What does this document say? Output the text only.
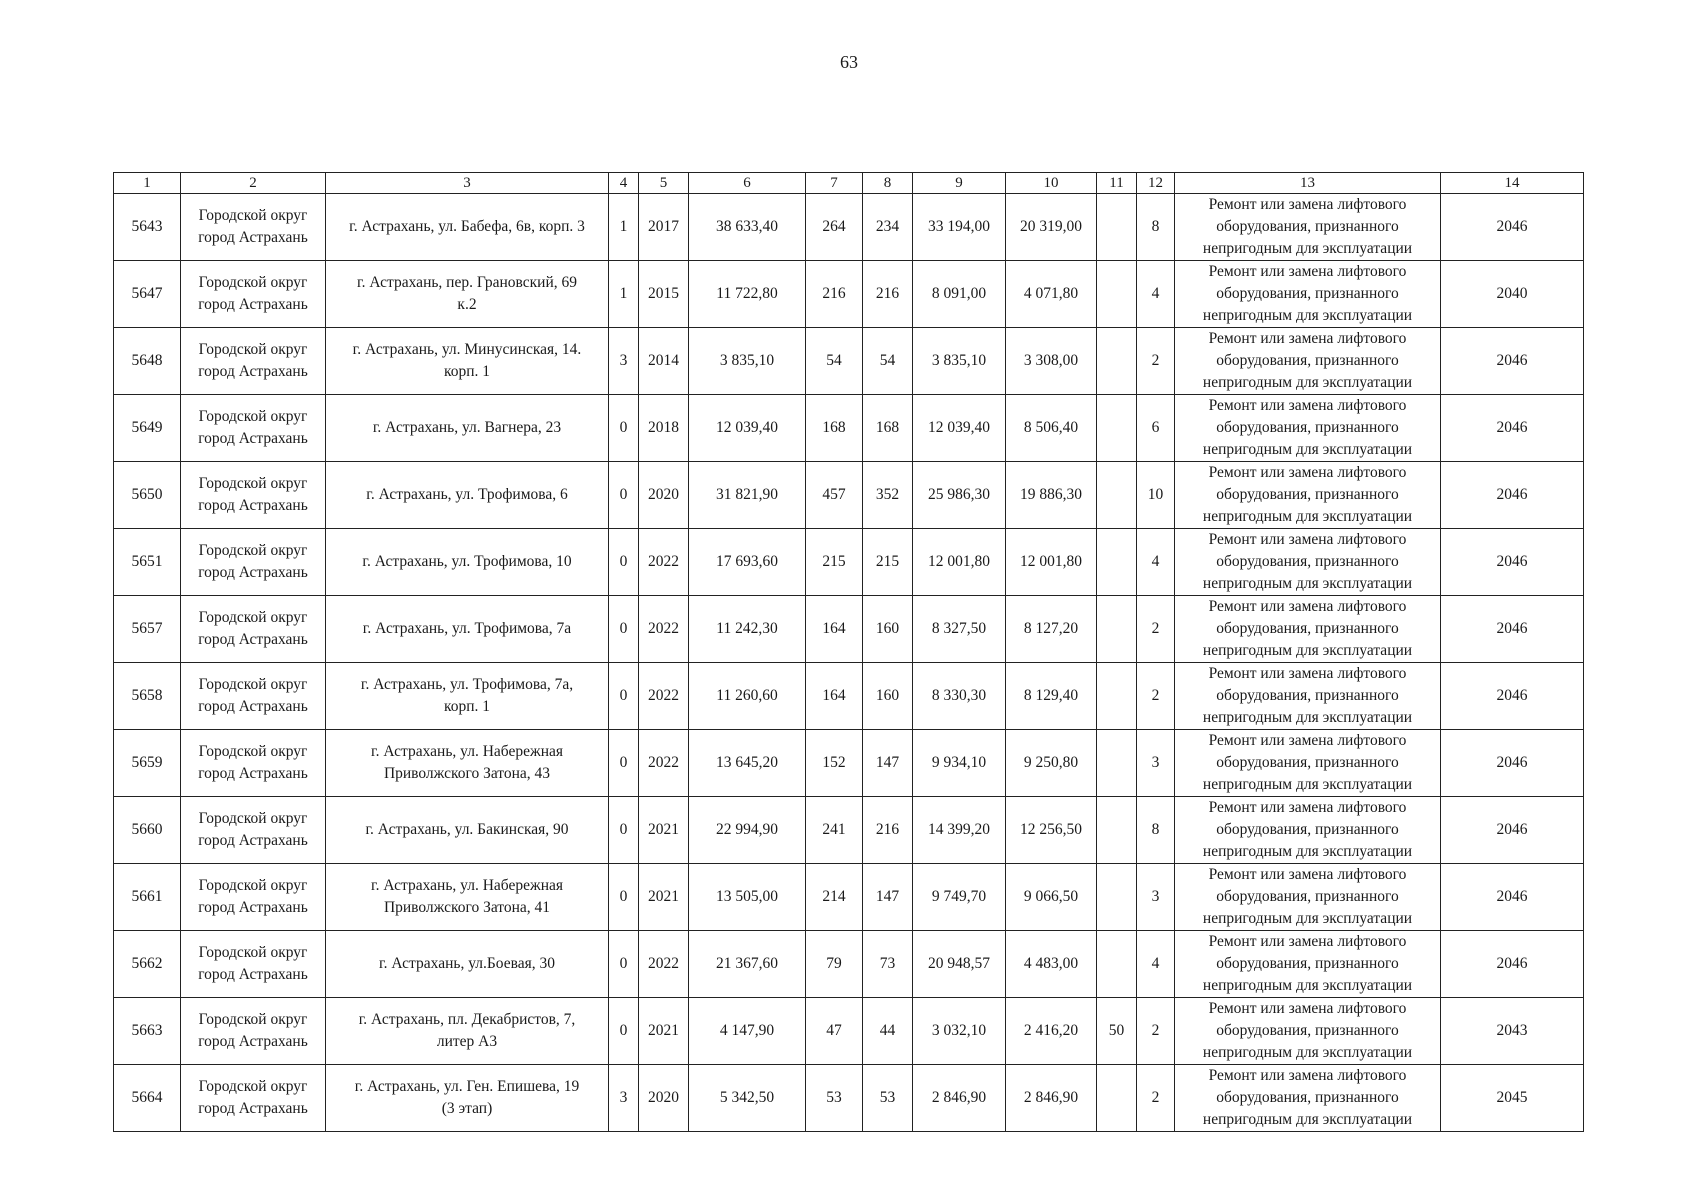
63
1	2	3	4	5	6	7	8	9	10	11	12	13	14
5643	Городской округ
город Астрахань	г. Астрахань, ул. Бабефа, 6в, корп. 3	1	2017	38 633,40	264	234	33 194,00	20 319,00		8	Ремонт или замена лифтового
оборудования, признанного
непригодным для эксплуатации	2046
5647	Городской округ
город Астрахань	г. Астрахань, пер. Грановский, 69
к.2	1	2015	11 722,80	216	216	8 091,00	4 071,80		4	Ремонт или замена лифтового
оборудования, признанного
непригодным для эксплуатации	2040
5648	Городской округ
город Астрахань	г. Астрахань, ул. Минусинская, 14.
корп. 1	3	2014	3 835,10	54	54	3 835,10	3 308,00		2	Ремонт или замена лифтового
оборудования, признанного
непригодным для эксплуатации	2046
5649	Городской округ
город Астрахань	г. Астрахань, ул. Вагнера, 23	0	2018	12 039,40	168	168	12 039,40	8 506,40		6	Ремонт или замена лифтового
оборудования, признанного
непригодным для эксплуатации	2046
5650	Городской округ
город Астрахань	г. Астрахань, ул. Трофимова, 6	0	2020	31 821,90	457	352	25 986,30	19 886,30		10	Ремонт или замена лифтового
оборудования, признанного
непригодным для эксплуатации	2046
5651	Городской округ
город Астрахань	г. Астрахань, ул. Трофимова, 10	0	2022	17 693,60	215	215	12 001,80	12 001,80		4	Ремонт или замена лифтового
оборудования, признанного
непригодным для эксплуатации	2046
5657	Городской округ
город Астрахань	г. Астрахань, ул. Трофимова, 7а	0	2022	11 242,30	164	160	8 327,50	8 127,20		2	Ремонт или замена лифтового
оборудования, признанного
непригодным для эксплуатации	2046
5658	Городской округ
город Астрахань	г. Астрахань, ул. Трофимова, 7а,
корп. 1	0	2022	11 260,60	164	160	8 330,30	8 129,40		2	Ремонт или замена лифтового
оборудования, признанного
непригодным для эксплуатации	2046
5659	Городской округ
город Астрахань	г. Астрахань, ул. Набережная
Приволжского Затона, 43	0	2022	13 645,20	152	147	9 934,10	9 250,80		3	Ремонт или замена лифтового
оборудования, признанного
непригодным для эксплуатации	2046
5660	Городской округ
город Астрахань	г. Астрахань, ул. Бакинская, 90	0	2021	22 994,90	241	216	14 399,20	12 256,50		8	Ремонт или замена лифтового
оборудования, признанного
непригодным для эксплуатации	2046
5661	Городской округ
город Астрахань	г. Астрахань, ул. Набережная
Приволжского Затона, 41	0	2021	13 505,00	214	147	9 749,70	9 066,50		3	Ремонт или замена лифтового
оборудования, признанного
непригодным для эксплуатации	2046
5662	Городской округ
город Астрахань	г. Астрахань, ул.Боевая, 30	0	2022	21 367,60	79	73	20 948,57	4 483,00		4	Ремонт или замена лифтового
оборудования, признанного
непригодным для эксплуатации	2046
5663	Городской округ
город Астрахань	г. Астрахань, пл. Декабристов, 7,
литер А3	0	2021	4 147,90	47	44	3 032,10	2 416,20	50	2	Ремонт или замена лифтового
оборудования, признанного
непригодным для эксплуатации	2043
5664	Городской округ
город Астрахань	г. Астрахань, ул. Ген. Епишева, 19
(3 этап)	3	2020	5 342,50	53	53	2 846,90	2 846,90		2	Ремонт или замена лифтового
оборудования, признанного
непригодным для эксплуатации	2045
